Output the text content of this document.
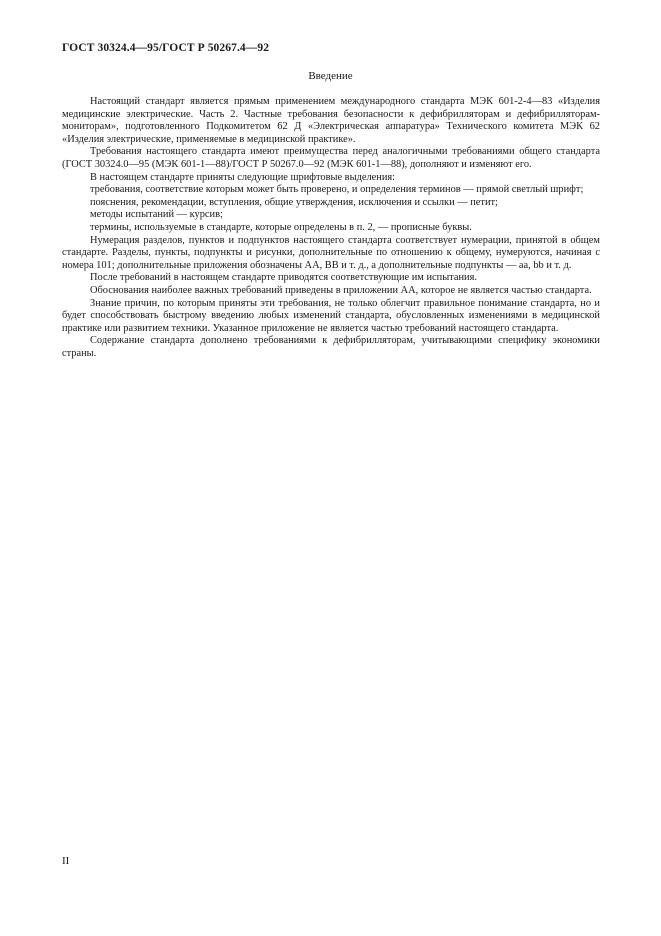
ГОСТ 30324.4—95/ГОСТ Р 50267.4—92
Введение

Настоящий стандарт является прямым применением международного стандарта МЭК 601-2-4—83 «Изделия медицинские электрические. Часть 2. Частные требования безопасности к дефибрилляторам и дефибрилляторам-мониторам», подготовленного Подкомитетом 62 Д «Электрическая аппаратура» Технического комитета МЭК 62 «Изделия электрические, применяемые в медицинской практике».

Требования настоящего стандарта имеют преимущества перед аналогичными требованиями общего стандарта (ГОСТ 30324.0—95 (МЭК 601-1—88)/ГОСТ Р 50267.0—92 (МЭК 601-1—88), дополняют и изменяют его.

В настоящем стандарте приняты следующие шрифтовые выделения:

требования, соответствие которым может быть проверено, и определения терминов — прямой светлый шрифт;

пояснения, рекомендации, вступления, общие утверждения, исключения и ссылки — петит;

методы испытаний — курсив;

термины, используемые в стандарте, которые определены в п. 2, — прописные буквы.

Нумерация разделов, пунктов и подпунктов настоящего стандарта соответствует нумерации, принятой в общем стандарте. Разделы, пункты, подпункты и рисунки, дополнительные по отношению к общему, нумеруются, начиная с номера 101; дополнительные приложения обозначены АА, ВВ и т. д., а дополнительные подпункты — аа, bb и т. д.

После требований в настоящем стандарте приводятся соответствующие им испытания.

Обоснования наиболее важных требований приведены в приложении АА, которое не является частью стандарта.

Знание причин, по которым приняты эти требования, не только облегчит правильное понимание стандарта, но и будет способствовать быстрому введению любых изменений стандарта, обусловленных изменениями в медицинской практике или развитием техники. Указанное приложение не является частью требований настоящего стандарта.

Содержание стандарта дополнено требованиями к дефибрилляторам, учитывающими специфику экономики страны.

II
